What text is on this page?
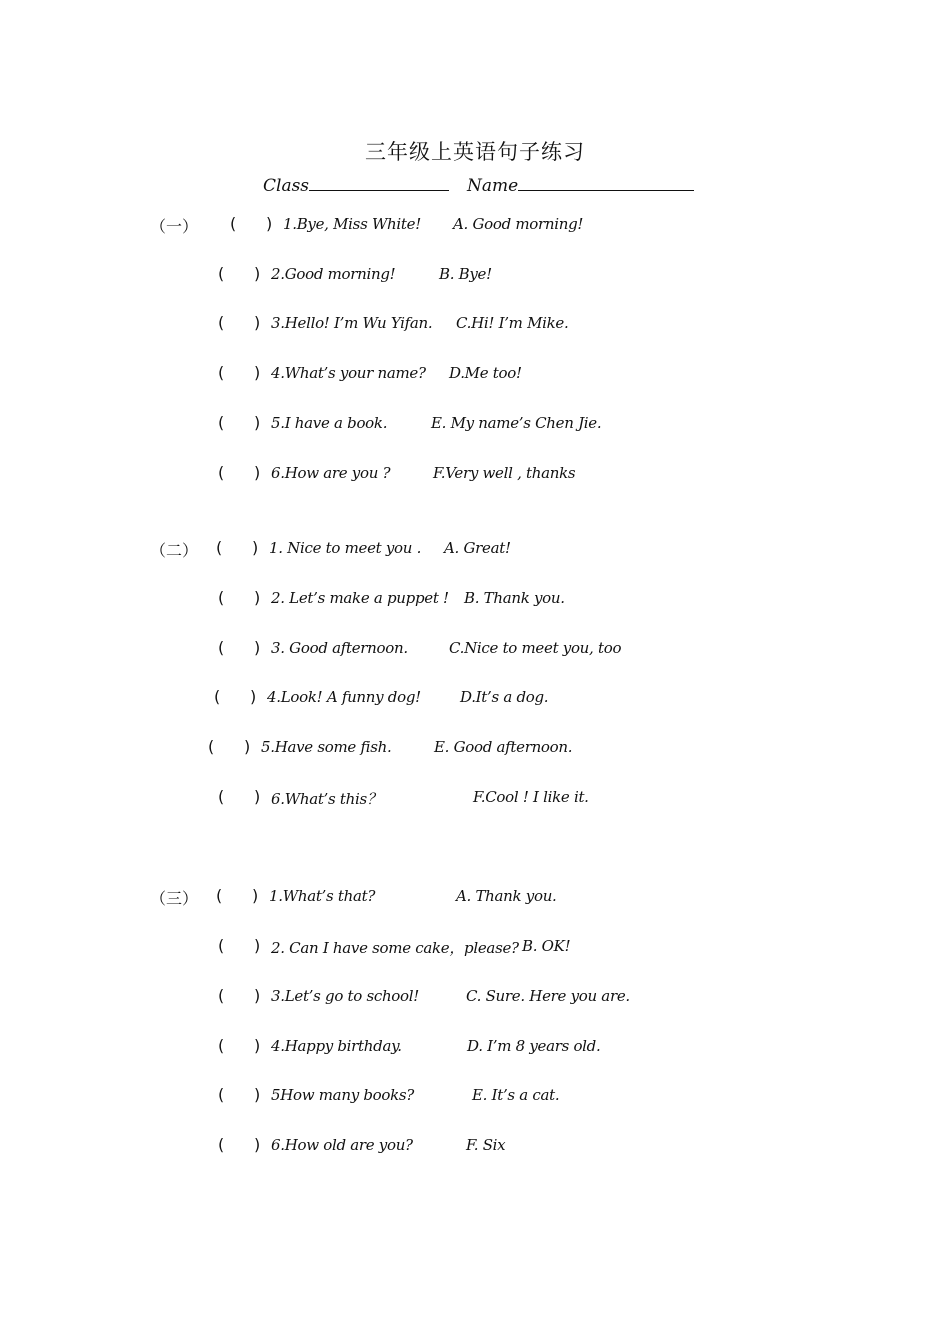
三年级上英语句子练习
Class	Name
（一） ( ) 1.Bye, Miss White! A. Good morning!
( ) 2.Good morning!	B. Bye!
( ) 3.Hello! I’m Wu Yifan. C.Hi! I’m Mike.
( ) 4.What’s your name? D.Me too!
( ) 5.I have a book.	E. My name’s Chen Jie.
( ) 6.How are you ?	F.Very well , thanks
（二） ( ) 1. Nice to meet you . A. Great!
( ) 2. Let’s make a puppet ! B. Thank you.
( ) 3. Good afternoon.	C.Nice to meet you, too
( ) 4.Look! A funny dog!	D.It’s a dog.
( ) 5.Have some fish.	E. Good afternoon.
( ) 6.What’s this？	F.Cool ! I like it.
（三） ( ) 1.What’s that?	A. Thank you.
( ) 2. Can I have some cake，please? B. OK!
( ) 3.Let’s go to school!	C. Sure. Here you are.
( ) 4.Happy birthday.	D. I’m 8 years old.
( ) 5How many books?	E. It’s a cat.
( ) 6.How old are you?	F. Six
